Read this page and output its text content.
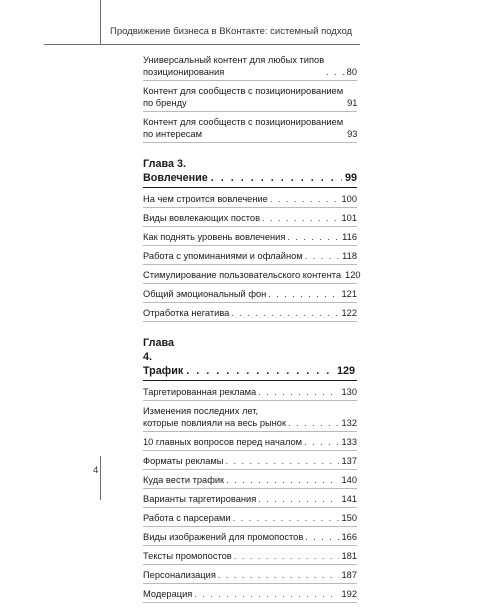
Продвижение бизнеса в ВКонтакте: системный подход
Универсальный контент для любых типов
позиционирования . . .	80
Контент для сообществ с позиционированием
по бренду	91
Контент для сообществ с позиционированием
по интересам	93
Глава 3. Вовлечение . . .	99
На чем строится вовлечение . . .	100
Виды вовлекающих постов . . .	101
Как поднять уровень вовлечения . . .	116
Работа с упоминаниями и офлайном . . .	118
Стимулирование пользовательского контента 120
Общий эмоциональный фон . . .	121
Отработка негатива . . .	122
Глава 4. Трафик . . .	129
Таргетированная реклама . . .	130
Изменения последних лет,
которые повлияли на весь рынок . . .	132
10 главных вопросов перед началом . . .	133
Форматы рекламы . . .	137
Куда вести трафик . . .	140
Варианты таргетирования . . .	141
Работа с парсерами . . .	150
Виды изображений для промопостов . . .	166
Тексты промопостов . . .	181
Персонализация . . .	187
Модерация . . .	192
4
